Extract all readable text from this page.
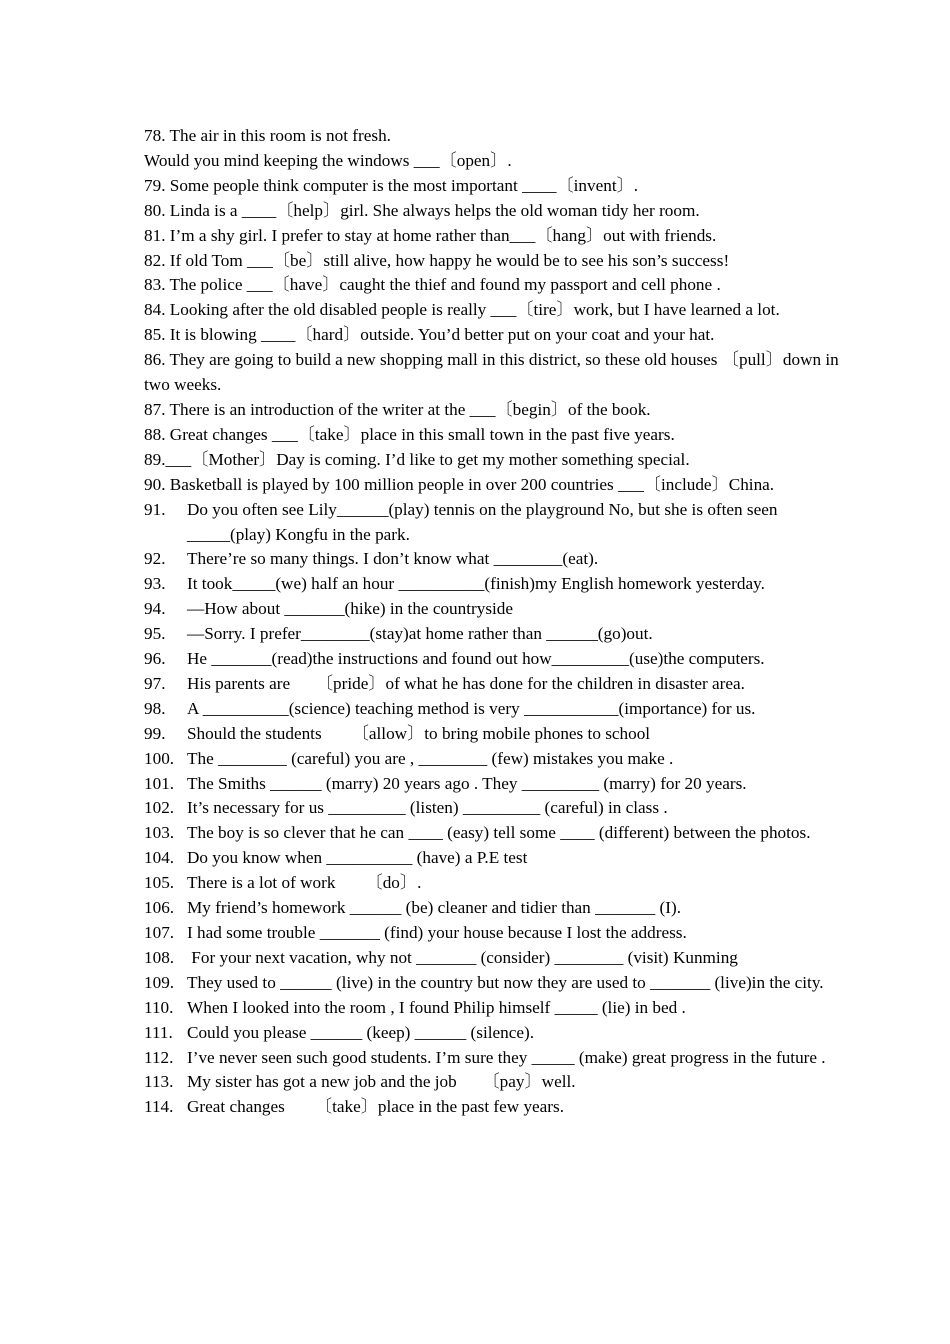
78. The air in this room is not fresh.
Would you mind keeping the windows ___〔open〕.
79. Some people think computer is the most important ____〔invent〕.
80. Linda is a ____〔help〕girl. She always helps the old woman tidy her room.
81. I’m a shy girl. I prefer to stay at home rather than___〔hang〕out with friends.
82. If old Tom ___〔be〕still alive, how happy he would be to see his son’s success!
83. The police ___〔have〕caught the thief and found my passport and cell phone .
84. Looking after the old disabled people is really ___〔tire〕work, but I have learned a lot.
85. It is blowing ____〔hard〕outside. You’d better put on your coat and your hat.
86. They are going to build a new shopping mall in this district, so these old houses 〔pull〕down in two weeks.
87. There is an introduction of the writer at the ___〔begin〕of the book.
88. Great changes ___〔take〕place in this small town in the past five years.
89.___〔Mother〕Day is coming. I’d like to get my mother something special.
90. Basketball is played by 100 million people in over 200 countries ___〔include〕China.
91.	Do you often see Lily______(play) tennis on the playground No, but she is often seen _____(play) Kongfu in the park.
92.	There’re so many things. I don’t know what ________(eat).
93.	It took_____(we) half an hour __________(finish)my English homework yesterday.
94.	—How about _______(hike) in the countryside
95.	—Sorry. I prefer________(stay)at home rather than ______(go)out.
96.	He _______(read)the instructions and found out how_________(use)the computers.
97.	His parents are      〔pride〕of what he has done for the children in disaster area.
98.	A __________(science) teaching method is very ___________(importance) for us.
99.	Should the students       〔allow〕to bring mobile phones to school
100. The ________ (careful) you are , ________ (few) mistakes you make .
101. The Smiths ______ (marry) 20 years ago . They _________ (marry) for 20 years.
102. It’s necessary for us _________ (listen) _________ (careful) in class .
103. The boy is so clever that he can ____ (easy) tell some ____ (different) between the photos.
104. Do you know when __________ (have) a P.E test
105. There is a lot of work       〔do〕.
106. My friend’s homework ______ (be) cleaner and tidier than _______ (I).
107. I had some trouble _______ (find) your house because I lost the address.
108. For your next vacation, why not _______ (consider) ________ (visit) Kunming
109. They used to ______ (live) in the country but now they are used to _______ (live)in the city.
110. When I looked into the room , I found Philip himself _____ (lie) in bed .
111. Could you please ______ (keep) ______ (silence).
112. I’ve never seen such good students. I’m sure they _____ (make) great progress in the future .
113. My sister has got a new job and the job      〔pay〕well.
114. Great changes       〔take〕place in the past few years.
